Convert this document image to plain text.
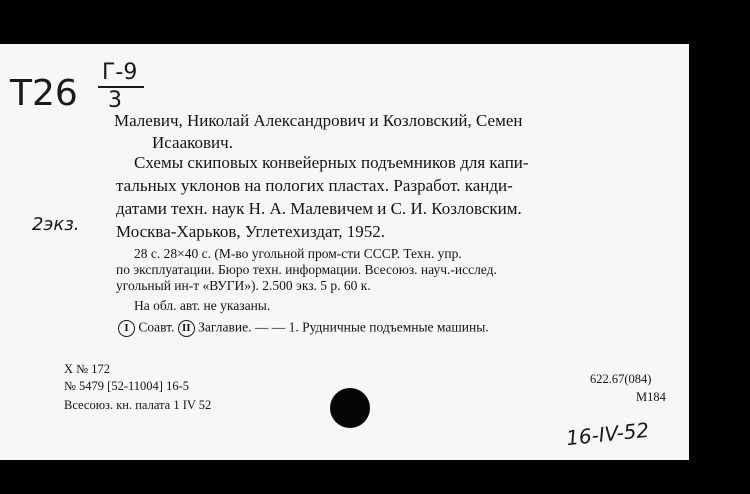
Т26
Г-9
3
2экз.
Малевич, Николай Александрович и Козловский, Семен
Исаакович.
Схемы скиповых конвейерных подъемников для капи-
тальных уклонов на пологих пластах. Разработ. канди-
датами техн. наук Н. А. Малевичем и С. И. Козловским.
Москва-Харьков, Углетехиздат, 1952.
28 с. 28×40 с. (М-во угольной пром-сти СССР. Техн. упр.
по эксплуатации. Бюро техн. информации. Всесоюз. науч.-исслед.
угольный ин-т «ВУГИ»). 2.500 экз. 5 р. 60 к.
На обл. авт. не указаны.
I Соавт. II Заглавие. — — 1. Рудничные подъемные машины.
X № 172
№ 5479 [52-11004] 16-5
Всесоюз. кн. палата 1 IV 52
622.67(084)
М184
16-IV-52
